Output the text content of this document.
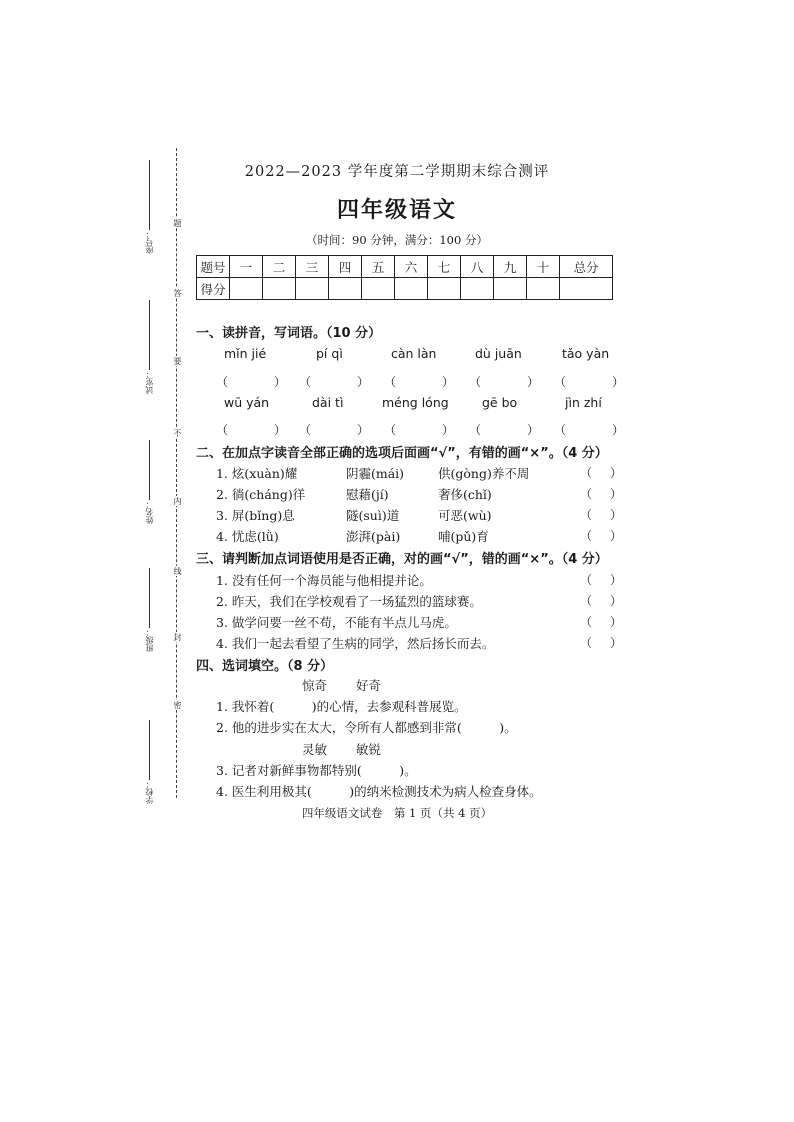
学校：
班级：
姓名：
试室：
座号：
密
封
线
内
不
要
答
题
2022—2023 学年度第二学期期末综合测评
四年级语文
（时间：90 分钟，满分：100 分）
题号	一	二	三	四	五	六	七	八	九	十	总分
得分											
一、读拼音，写词语。（10 分）
mǐn jié	pí qì	càn làn	dù juān	tǎo yàn
（	） （	） （	） （	） （	）
wū yán	dài tì	méng lóng	gē bo	jìn zhí
（	） （	） （	） （	） （	）
二、在加点字读音全部正确的选项后面画“√”，有错的画“×”。（4 分）
1. 炫(xuàn)耀	阴霾(mái)	供(gòng)养不周	（ ）
2. 徜(cháng)徉	慰藉(jí)	奢侈(chǐ)	（ ）
3. 屏(bǐng)息	隧(suì)道	可恶(wù)	（ ）
4. 忧虑(lǜ)	澎湃(pài)	哺(pǔ)育	（ ）
三、请判断加点词语使用是否正确，对的画“√”，错的画“×”。（4 分）
1. 没有任何一个海员能与他相提并论。	（ ）
2. 昨天，我们在学校观看了一场猛烈的篮球赛。	（ ）
3. 做学问要一丝不苟，不能有半点儿马虎。	（ ）
4. 我们一起去看望了生病的同学，然后扬长而去。	（ ）
四、选词填空。（8 分）
惊奇 好奇
1. 我怀着(　　　)的心情，去参观科普展览。
2. 他的进步实在太大，令所有人都感到非常(　　　)。
灵敏 敏锐
3. 记者对新鲜事物都特别(　　　)。
4. 医生利用极其(　　　)的纳米检测技术为病人检查身体。
四年级语文试卷　第 1 页（共 4 页）
